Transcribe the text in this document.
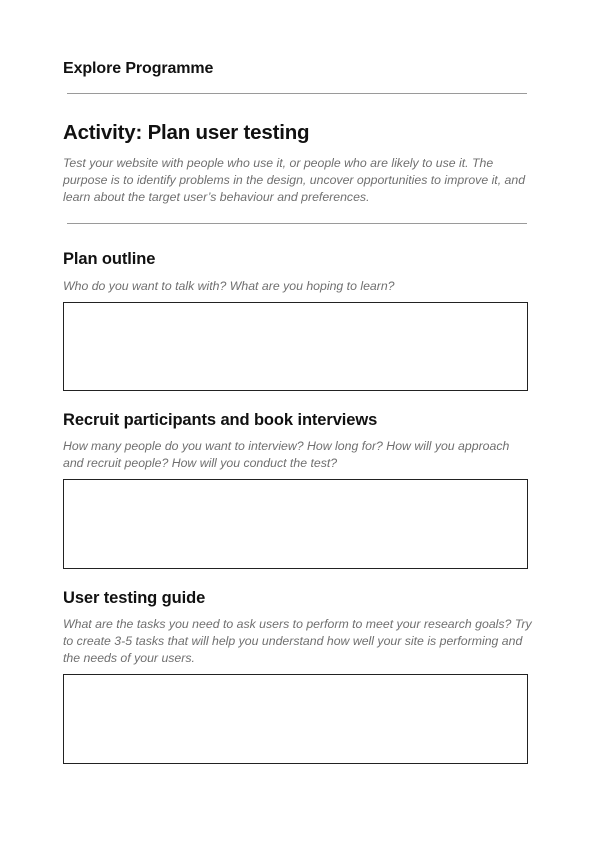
Explore Programme
Activity: Plan user testing

Test your website with people who use it, or people who are likely to use it. The purpose is to identify problems in the design, uncover opportunities to improve it, and learn about the target user’s behaviour and preferences.

Plan outline

Who do you want to talk with? What are you hoping to learn?

Recruit participants and book interviews

How many people do you want to interview? How long for? How will you approach and recruit people? How will you conduct the test?

User testing guide

What are the tasks you need to ask users to perform to meet your research goals? Try to create 3-5 tasks that will help you understand how well your site is performing and the needs of your users.
